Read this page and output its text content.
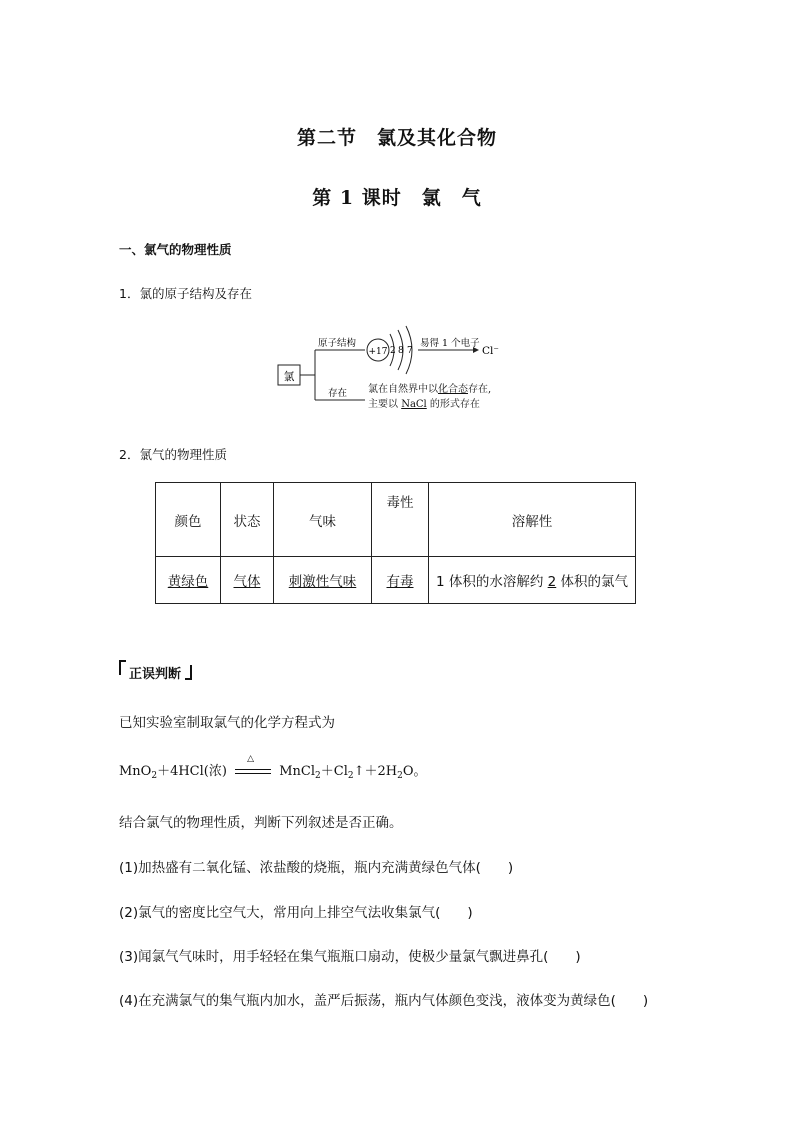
第二节　氯及其化合物
第 1 课时　氯　气
一、氯气的物理性质
1．氯的原子结构及存在
氯
原子结构
存在
+17 2 8 7
易得 1 个电子
Cl⁻
氯在自然界中以化合态存在,
主要以 NaCl 的形式存在
2．氯气的物理性质
颜色	状态	气味	毒性	溶解性
黄绿色	气体	刺激性气味	有毒	1 体积的水溶解约 2 体积的氯气
正误判断
已知实验室制取氯气的化学方程式为
MnO$_2$＋4HCl(浓)
△
$MnCl_2+Cl_2↑+2H_2O$。
结合氯气的物理性质，判断下列叙述是否正确。
(1)加热盛有二氧化锰、浓盐酸的烧瓶，瓶内充满黄绿色气体(　　)
(2)氯气的密度比空气大，常用向上排空气法收集氯气(　　)
(3)闻氯气气味时，用手轻轻在集气瓶瓶口扇动，使极少量氯气飘进鼻孔(　　)
(4)在充满氯气的集气瓶内加水，盖严后振荡，瓶内气体颜色变浅，液体变为黄绿色(　　)
